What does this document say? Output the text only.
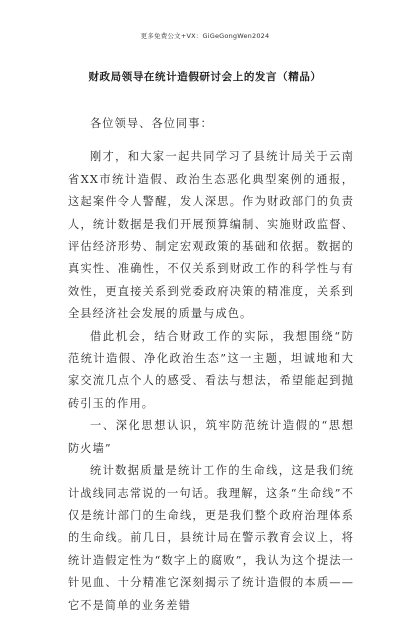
更多免费公文+VX：GiGeGongWen2024
财政局领导在统计造假研讨会上的发言（精品）

各位领导、各位同事：

刚才，和大家一起共同学习了县统计局关于云南省XX市统计造假、政治生态恶化典型案例的通报，这起案件令人警醒，发人深思。作为财政部门的负责人，统计数据是我们开展预算编制、实施财政监督、评估经济形势、制定宏观政策的基础和依据。数据的真实性、准确性，不仅关系到财政工作的科学性与有效性，更直接关系到党委政府决策的精准度，关系到全县经济社会发展的质量与成色。

借此机会，结合财政工作的实际，我想围绕“防范统计造假、净化政治生态”这一主题，坦诚地和大家交流几点个人的感受、看法与想法，希望能起到抛砖引玉的作用。

一、深化思想认识，筑牢防范统计造假的“思想防火墙”

统计数据质量是统计工作的生命线，这是我们统计战线同志常说的一句话。我理解，这条“生命线”不仅是统计部门的生命线，更是我们整个政府治理体系的生命线。前几日，县统计局在警示教育会议上，将统计造假定性为“数字上的腐败”，我认为这个提法一针见血、十分精准它深刻揭示了统计造假的本质——它不是简单的业务差错
